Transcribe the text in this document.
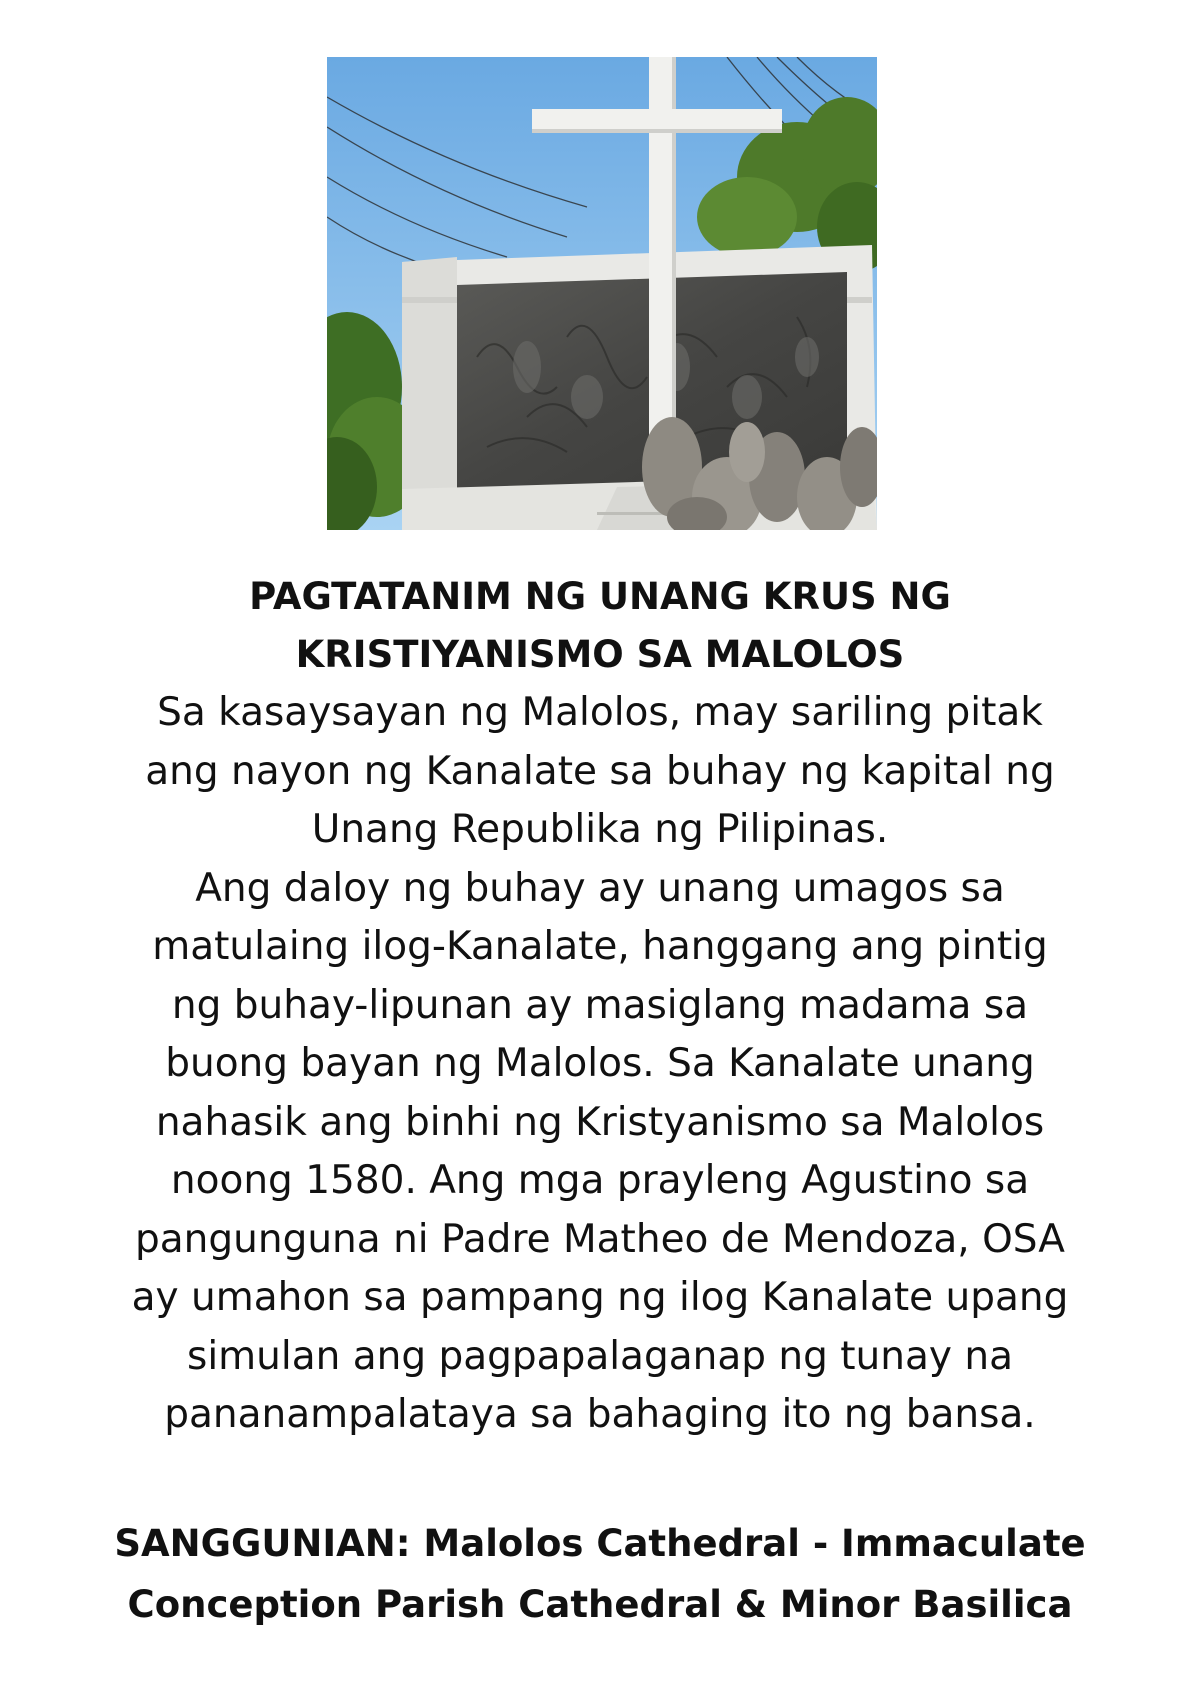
PAGTATANIM NG UNANG KRUS NG
KRISTIYANISMO SA MALOLOS
Sa kasaysayan ng Malolos, may sariling pitak
ang nayon ng Kanalate sa buhay ng kapital ng
Unang Republika ng Pilipinas.
Ang daloy ng buhay ay unang umagos sa
matulaing ilog-Kanalate, hanggang ang pintig
ng buhay-lipunan ay masiglang madama sa
buong bayan ng Malolos. Sa Kanalate unang
nahasik ang binhi ng Kristyanismo sa Malolos
noong 1580. Ang mga prayleng Agustino sa
pangunguna ni Padre Matheo de Mendoza, OSA
ay umahon sa pampang ng ilog Kanalate upang
simulan ang pagpapalaganap ng tunay na
pananampalataya sa bahaging ito ng bansa.
SANGGUNIAN: Malolos Cathedral - Immaculate
Conception Parish Cathedral & Minor Basilica
